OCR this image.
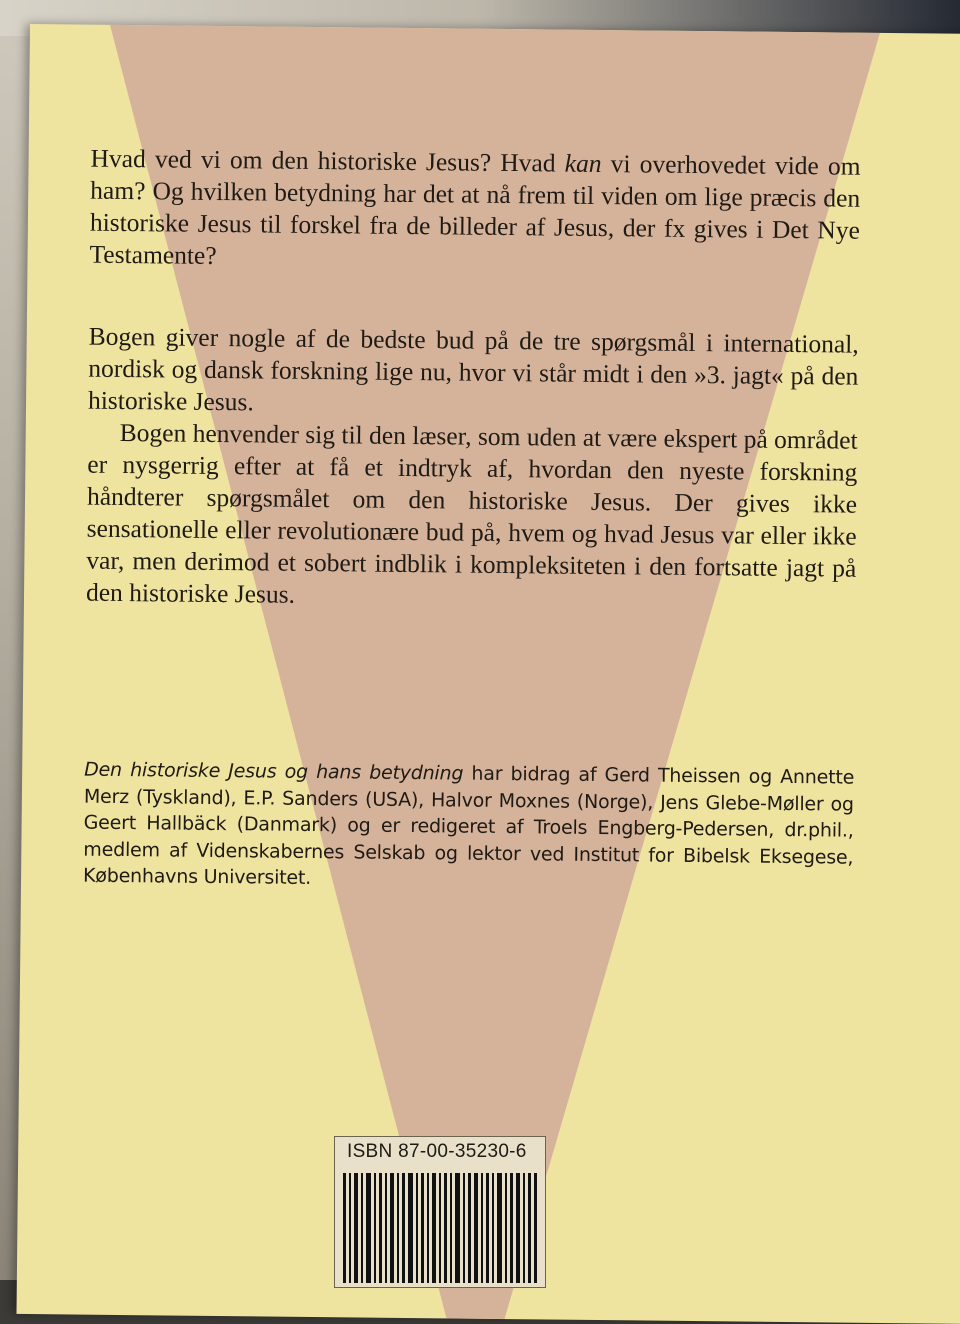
Hvad ved vi om den historiske Jesus? Hvad kan vi overhovedet vide om ham? Og hvilken betydning har det at nå frem til viden om lige præcis den historiske Jesus til forskel fra de billeder af Jesus, der fx gives i Det Nye Testamente?

Bogen giver nogle af de bedste bud på de tre spørgsmål i international, nordisk og dansk forskning lige nu, hvor vi står midt i den »3. jagt« på den historiske Jesus.

Bogen henvender sig til den læser, som uden at være ekspert på området er nysgerrig efter at få et indtryk af, hvordan den nyeste forskning håndterer spørgsmålet om den historiske Jesus. Der gives ikke sensationelle eller revolutionære bud på, hvem og hvad Jesus var eller ikke var, men derimod et sobert indblik i kompleksiteten i den fortsatte jagt på den historiske Jesus.

Den historiske Jesus og hans betydning har bidrag af Gerd Theissen og Annette Merz (Tyskland), E.P. Sanders (USA), Halvor Moxnes (Norge), Jens Glebe-Møller og Geert Hallbäck (Danmark) og er redigeret af Troels Engberg-Pedersen, dr.phil., medlem af Videnskabernes Selskab og lektor ved Institut for Bibelsk Eksegese, Københavns Universitet.

ISBN 87-00-35230-6
